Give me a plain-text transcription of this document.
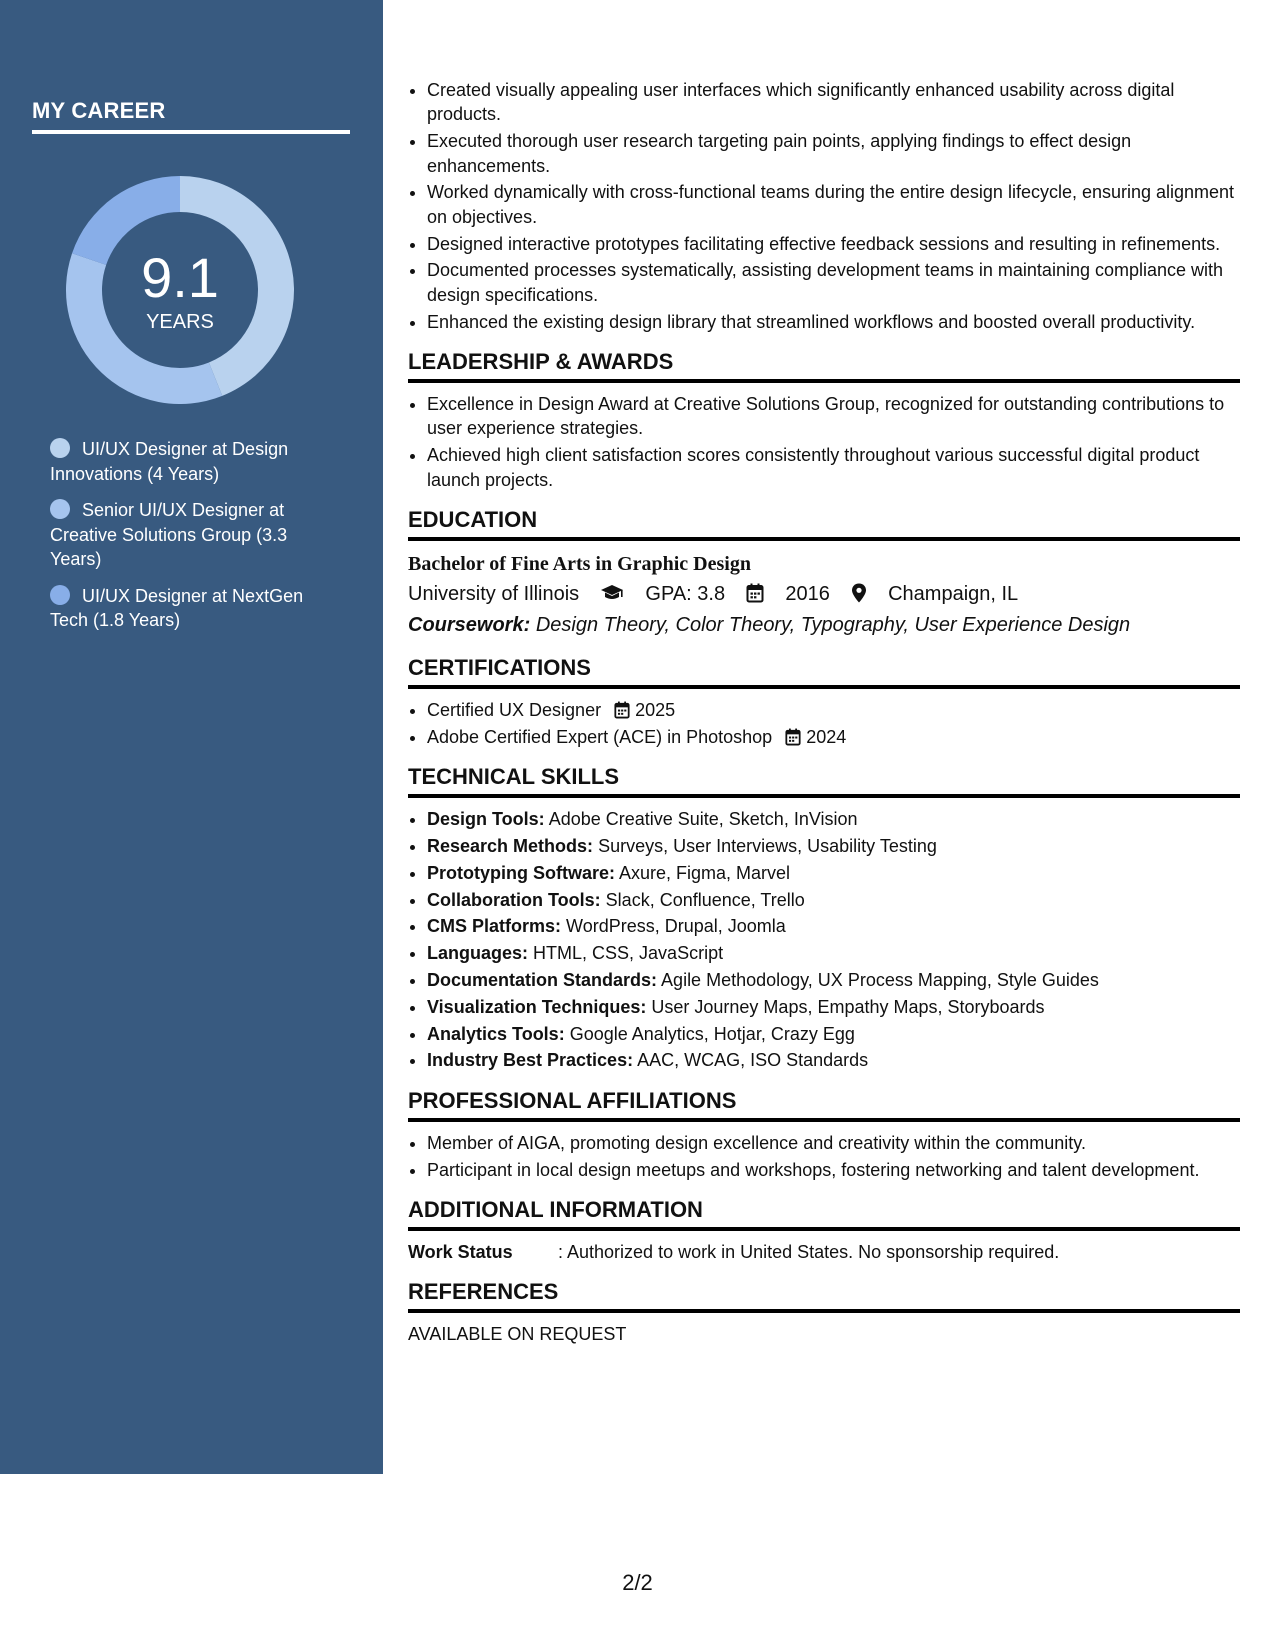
MY CAREER
9.1
YEARS
UI/UX Designer at Design Innovations (4 Years)
Senior UI/UX Designer at Creative Solutions Group (3.3 Years)
UI/UX Designer at NextGen Tech (1.8 Years)
• Created visually appealing user interfaces which significantly enhanced usability across digital products.
• Executed thorough user research targeting pain points, applying findings to effect design enhancements.
• Worked dynamically with cross-functional teams during the entire design lifecycle, ensuring alignment on objectives.
• Designed interactive prototypes facilitating effective feedback sessions and resulting in refinements.
• Documented processes systematically, assisting development teams in maintaining compliance with design specifications.
• Enhanced the existing design library that streamlined workflows and boosted overall productivity.
LEADERSHIP & AWARDS
• Excellence in Design Award at Creative Solutions Group, recognized for outstanding contributions to user experience strategies.
• Achieved high client satisfaction scores consistently throughout various successful digital product launch projects.
EDUCATION
Bachelor of Fine Arts in Graphic Design
University of Illinois	GPA: 3.8	2016	Champaign, IL
Coursework: Design Theory, Color Theory, Typography, User Experience Design
CERTIFICATIONS
• Certified UX Designer 2025
• Adobe Certified Expert (ACE) in Photoshop 2024
TECHNICAL SKILLS
• Design Tools: Adobe Creative Suite, Sketch, InVision
• Research Methods: Surveys, User Interviews, Usability Testing
• Prototyping Software: Axure, Figma, Marvel
• Collaboration Tools: Slack, Confluence, Trello
• CMS Platforms: WordPress, Drupal, Joomla
• Languages: HTML, CSS, JavaScript
• Documentation Standards: Agile Methodology, UX Process Mapping, Style Guides
• Visualization Techniques: User Journey Maps, Empathy Maps, Storyboards
• Analytics Tools: Google Analytics, Hotjar, Crazy Egg
• Industry Best Practices: AAC, WCAG, ISO Standards
PROFESSIONAL AFFILIATIONS
• Member of AIGA, promoting design excellence and creativity within the community.
• Participant in local design meetups and workshops, fostering networking and talent development.
ADDITIONAL INFORMATION
Work Status	: Authorized to work in United States. No sponsorship required.
REFERENCES
AVAILABLE ON REQUEST
2/2
